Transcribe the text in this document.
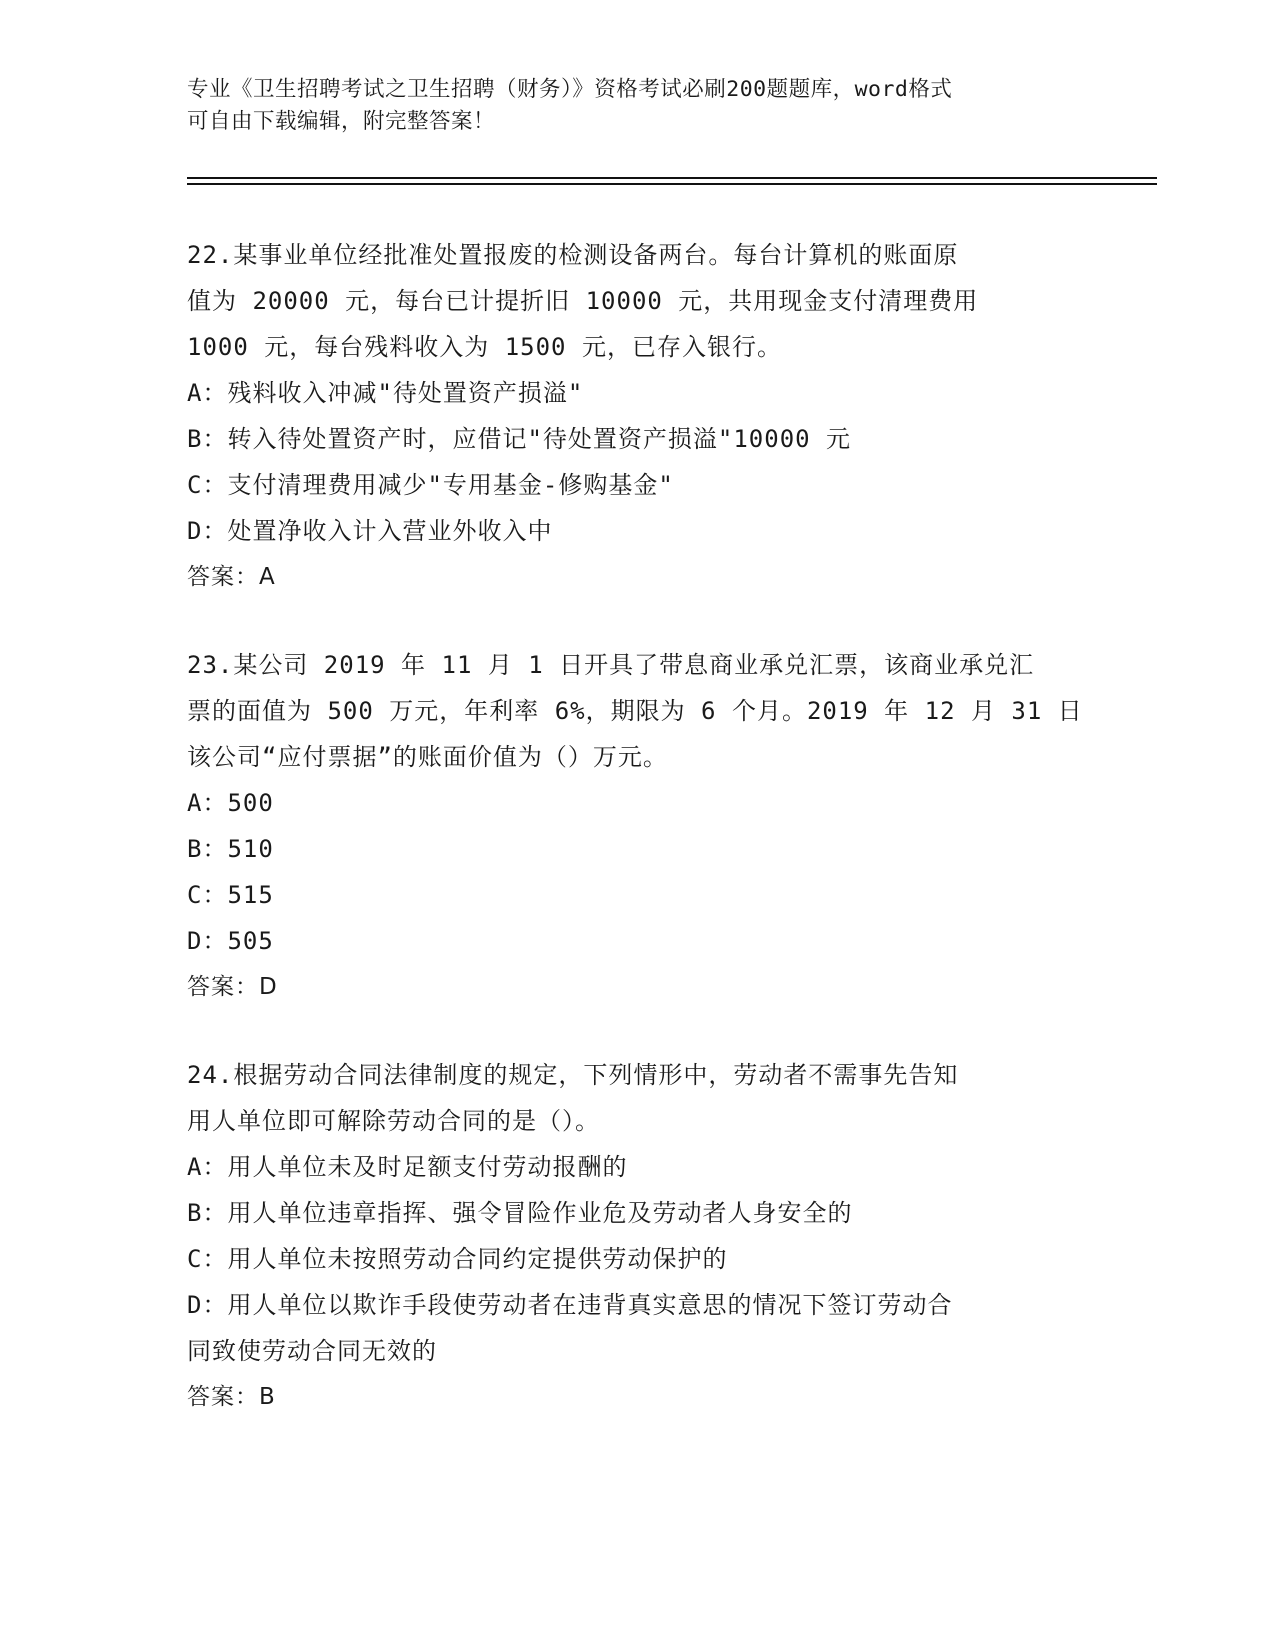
专业《卫生招聘考试之卫生招聘（财务）》资格考试必刷200题题库，word格式
可自由下载编辑，附完整答案！
22.某事业单位经批准处置报废的检测设备两台。每台计算机的账面原
值为 20000 元，每台已计提折旧 10000 元，共用现金支付清理费用
1000 元，每台残料收入为 1500 元，已存入银行。
A：残料收入冲减"待处置资产损溢"
B：转入待处置资产时，应借记"待处置资产损溢"10000 元
C：支付清理费用减少"专用基金-修购基金"
D：处置净收入计入营业外收入中
答案：A
23.某公司 2019 年 11 月 1 日开具了带息商业承兑汇票，该商业承兑汇
票的面值为 500 万元，年利率 6%，期限为 6 个月。2019 年 12 月 31 日
该公司“应付票据”的账面价值为（）万元。
A：500
B：510
C：515
D：505
答案：D
24.根据劳动合同法律制度的规定，下列情形中，劳动者不需事先告知
用人单位即可解除劳动合同的是（）。
A：用人单位未及时足额支付劳动报酬的
B：用人单位违章指挥、强令冒险作业危及劳动者人身安全的
C：用人单位未按照劳动合同约定提供劳动保护的
D：用人单位以欺诈手段使劳动者在违背真实意思的情况下签订劳动合
同致使劳动合同无效的
答案：B
